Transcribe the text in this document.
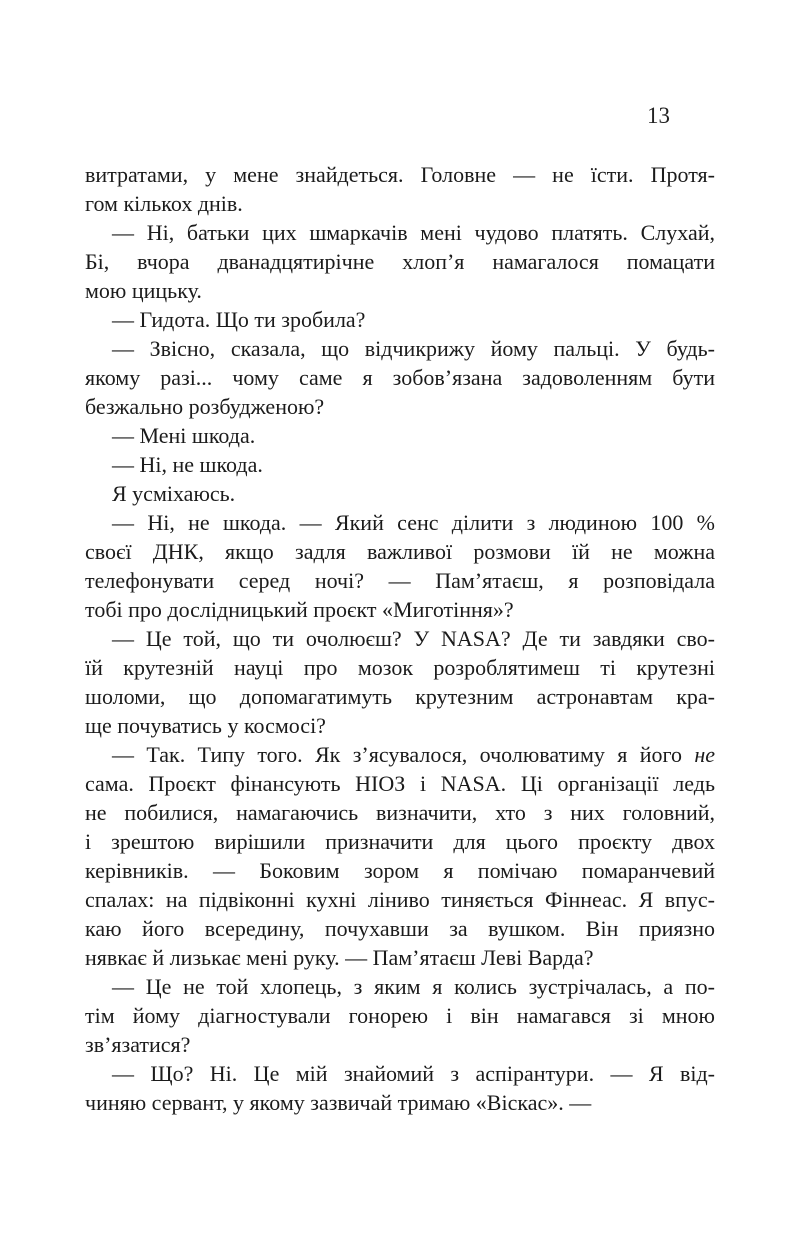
13
витратами, у мене знайдеться. Головне — не їсти. Протя-
гом кількох днів.
— Ні, батьки цих шмаркачів мені чудово платять. Слухай,
Бі, вчора дванадцятирічне хлоп’я намагалося помацати
мою цицьку.
— Гидота. Що ти зробила?
— Звісно, сказала, що відчикрижу йому пальці. У будь-
якому разі... чому саме я зобов’язана задоволенням бути
безжально розбудженою?
— Мені шкода.
— Ні, не шкода.
Я усміхаюсь.
— Ні, не шкода. — Який сенс ділити з людиною 100 %
своєї ДНК, якщо задля важливої розмови їй не можна
телефонувати серед ночі? — Пам’ятаєш, я розповідала
тобі про дослідницький проєкт «Миготіння»?
— Це той, що ти очолюєш? У NASA? Де ти завдяки сво-
їй крутезній науці про мозок розроблятимеш ті крутезні
шоломи, що допомагатимуть крутезним астронавтам кра-
ще почуватись у космосі?
— Так. Типу того. Як з’ясувалося, очолюватиму я його не
сама. Проєкт фінансують НІОЗ і NASA. Ці організації ледь
не побилися, намагаючись визначити, хто з них головний,
і зрештою вирішили призначити для цього проєкту двох
керівників. — Боковим зором я помічаю помаранчевий
спалах: на підвіконні кухні ліниво тиняється Фіннеас. Я впус-
каю його всередину, почухавши за вушком. Він приязно
нявкає й лизькає мені руку. — Пам’ятаєш Леві Варда?
— Це не той хлопець, з яким я колись зустрічалась, а по-
тім йому діагностували гонорею і він намагався зі мною
зв’язатися?
— Що? Ні. Це мій знайомий з аспірантури. — Я від-
чиняю сервант, у якому зазвичай тримаю «Віскас». —
